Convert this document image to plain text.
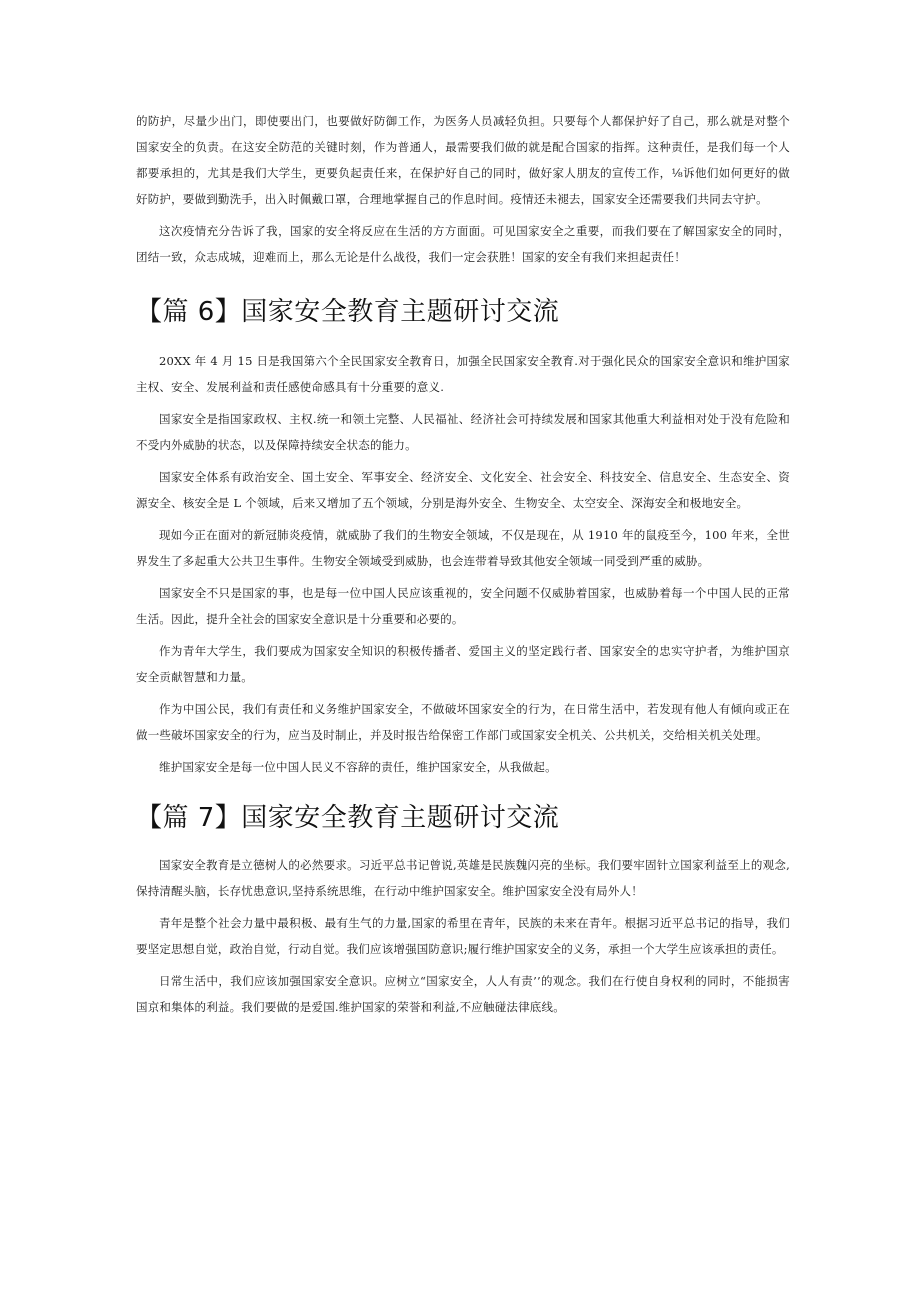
的防护，尽量少出门，即使要出门，也要做好防御工作，为医务人员减轻负担。只要每个人都保护好了自己，那么就是对整个国家安全的负责。在这安全防范的关键时刻，作为普通人，最需要我们做的就是配合国家的指挥。这种责任，是我们每一个人都要承担的，尤其是我们大学生，更要负起责任来，在保护好自己的同时，做好家人朋友的宣传工作，⅛诉他们如何更好的做好防护，要做到勤洗手，出入时佩戴口罩，合理地掌握自己的作息时间。疫情还未褪去，国家安全还需要我们共同去守护。

这次疫情充分告诉了我，国家的安全将反应在生活的方方面面。可见国家安全之重要，而我们要在了解国家安全的同时，团结一致，众志成城，迎难而上，那么无论是什么战役，我们一定会获胜！国家的安全有我们来担起责任！

【篇 6】国家安全教育主题研讨交流

20XX 年 4 月 15 日是我国第六个全民国家安全教育日，加强全民国家安全教育.对于强化民众的国家安全意识和维护国家主权、安全、发展利益和责任感使命感具有十分重要的意义.

国家安全是指国家政权、主权.统一和领土完整、人民福祉、经济社会可持续发展和国家其他重大利益相对处于没有危险和不受内外威胁的状态，以及保障持续安全状态的能力。

国家安全体系有政治安全、国土安全、军事安全、经济安全、文化安全、社会安全、科技安全、信息安全、生态安全、资源安全、核安全是 L 个领域，后来又增加了五个领域，分别是海外安全、生物安全、太空安全、深海安全和极地安全。

现如今正在面对的新冠肺炎疫情，就威胁了我们的生物安全领域，不仅是现在，从 1910 年的鼠疫至今，100 年来，全世界发生了多起重大公共卫生事件。生物安全领域受到威胁，也会连带着导致其他安全领域一同受到严重的威胁。

国家安全不只是国家的事，也是每一位中国人民应该重视的，安全问题不仅威胁着国家，也威胁着每一个中国人民的正常生活。因此，提升全社会的国家安全意识是十分重要和必要的。

作为青年大学生，我们要成为国家安全知识的积极传播者、爱国主义的坚定践行者、国家安全的忠实守护者，为维护国京安全贡献智慧和力量。

作为中国公民，我们有责任和义务维护国家安全，不做破坏国家安全的行为，在日常生活中，若发现有他人有倾向或正在做一些破坏国家安全的行为，应当及时制止，并及时报告给保密工作部门或国家安全机关、公共机关，交给相关机关处理。

维护国家安全是每一位中国人民义不容辞的责任，维护国家安全，从我做起。

【篇 7】国家安全教育主题研讨交流

国家安全教育是立德树人的必然要求。习近平总书记曾说,英雄是民族魏闪亮的坐标。我们要牢固针立国家利益至上的观念,保持清醒头脑，长存忧患意识,坚持系统思维，在行动中维护国家安全。维护国家安全没有局外人！

青年是整个社会力量中最积极、最有生气的力量,国家的希里在青年，民族的未来在青年。根据习近平总书记的指导，我们要坚定思想自觉，政治自觉，行动自觉。我们应该增强国防意识;履行维护国家安全的义务，承担一个大学生应该承担的责任。

日常生活中，我们应该加强国家安全意识。应树立“国家安全，人人有责’’的观念。我们在行使自身权利的同时，不能损害国京和集体的利益。我们要做的是爱国.维护国家的荣誉和利益,不应触碰法律底线。
